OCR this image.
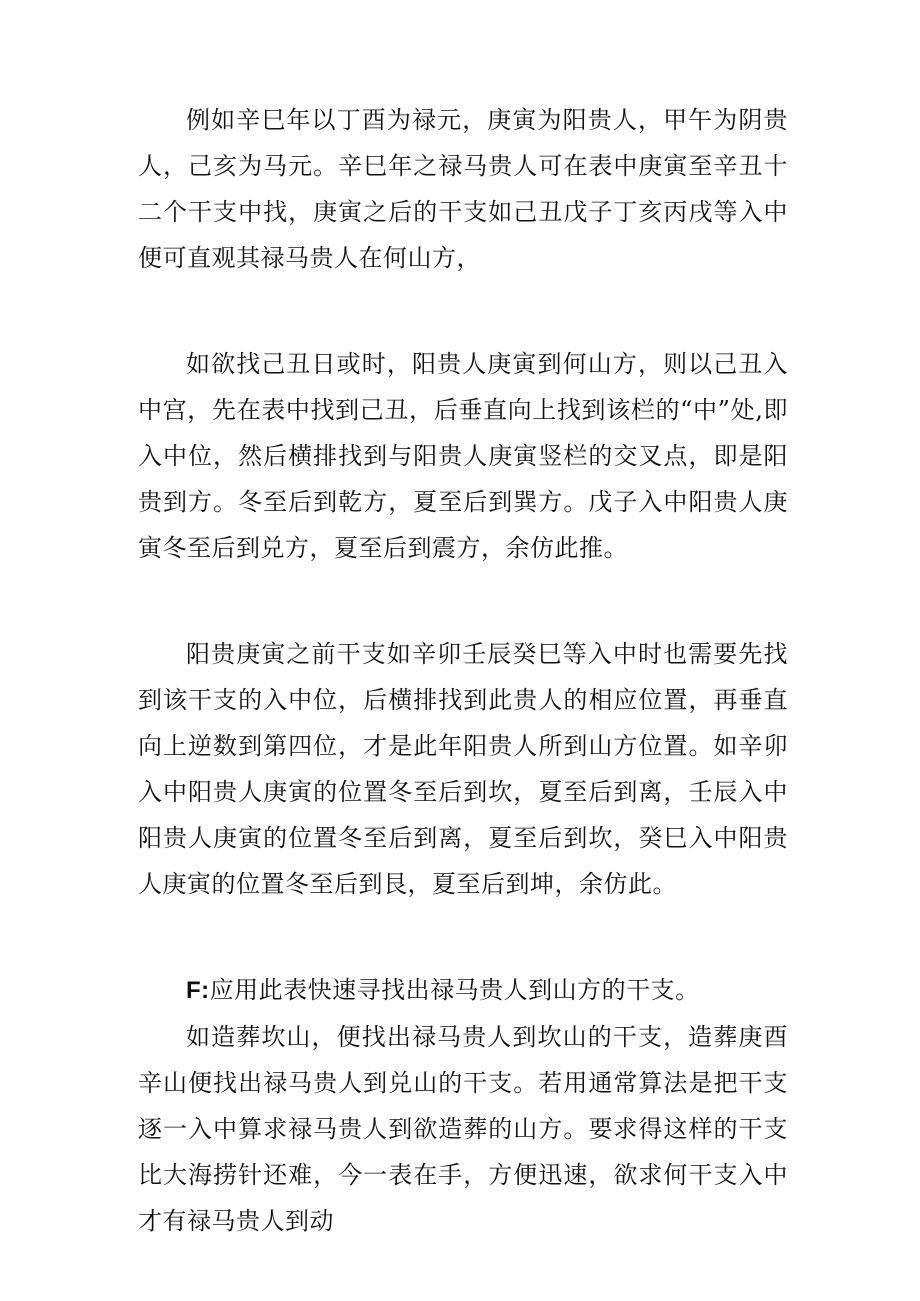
例如辛巳年以丁酉为禄元，庚寅为阳贵人，甲午为阴贵人，己亥为马元。辛巳年之禄马贵人可在表中庚寅至辛丑十二个干支中找，庚寅之后的干支如己丑戊子丁亥丙戌等入中便可直观其禄马贵人在何山方，

如欲找己丑日或时，阳贵人庚寅到何山方，则以己丑入中宫，先在表中找到己丑，后垂直向上找到该栏的“中”处,即入中位，然后横排找到与阳贵人庚寅竖栏的交叉点，即是阳贵到方。冬至后到乾方，夏至后到巽方。戊子入中阳贵人庚寅冬至后到兑方，夏至后到震方，余仿此推。

阳贵庚寅之前干支如辛卯壬辰癸巳等入中时也需要先找到该干支的入中位，后横排找到此贵人的相应位置，再垂直向上逆数到第四位，才是此年阳贵人所到山方位置。如辛卯入中阳贵人庚寅的位置冬至后到坎，夏至后到离，壬辰入中阳贵人庚寅的位置冬至后到离，夏至后到坎，癸巳入中阳贵人庚寅的位置冬至后到艮，夏至后到坤，余仿此。

F:应用此表快速寻找出禄马贵人到山方的干支。

如造葬坎山，便找出禄马贵人到坎山的干支，造葬庚酉辛山便找出禄马贵人到兑山的干支。若用通常算法是把干支逐一入中算求禄马贵人到欲造葬的山方。要求得这样的干支比大海捞针还难，今一表在手，方便迅速，欲求何干支入中才有禄马贵人到动
